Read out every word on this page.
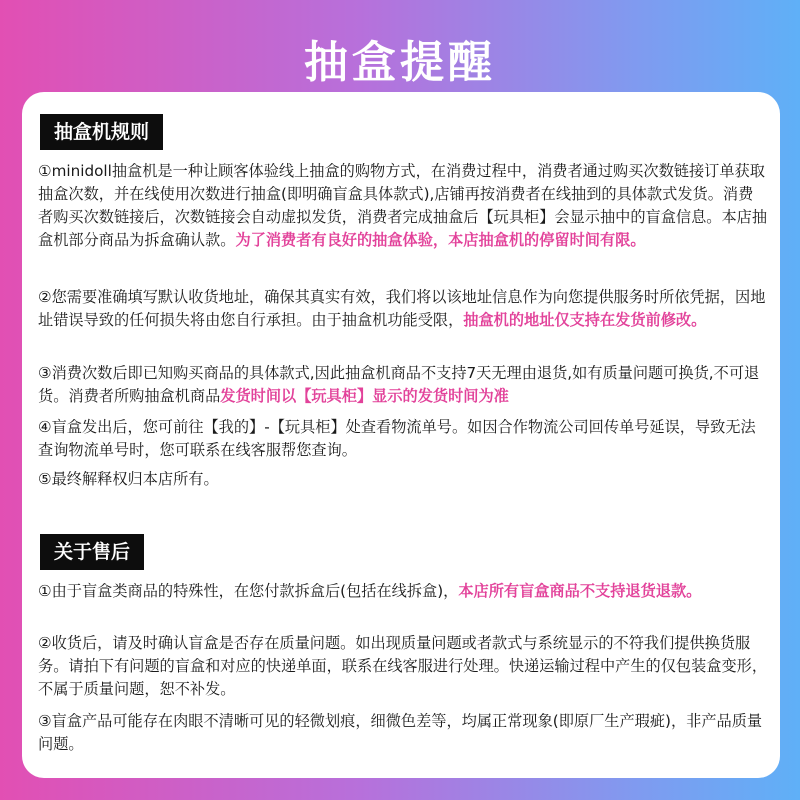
抽盒提醒
抽盒机规则
①minidoll抽盒机是一种让顾客体验线上抽盒的购物方式，在消费过程中，消费者通过购买次数链接订单获取抽盒次数，并在线使用次数进行抽盒(即明确盲盒具体款式),店铺再按消费者在线抽到的具体款式发货。消费者购买次数链接后，次数链接会自动虚拟发货，消费者完成抽盒后【玩具柜】会显示抽中的盲盒信息。本店抽盒机部分商品为拆盒确认款。为了消费者有良好的抽盒体验，本店抽盒机的停留时间有限。
②您需要准确填写默认收货地址，确保其真实有效，我们将以该地址信息作为向您提供服务时所依凭据，因地址错误导致的任何损失将由您自行承担。由于抽盒机功能受限，抽盒机的地址仅支持在发货前修改。
③消费次数后即已知购买商品的具体款式,因此抽盒机商品不支持7天无理由退货,如有质量问题可换货,不可退货。消费者所购抽盒机商品发货时间以【玩具柜】显示的发货时间为准
④盲盒发出后，您可前往【我的】-【玩具柜】处查看物流单号。如因合作物流公司回传单号延误，导致无法查询物流单号时，您可联系在线客服帮您查询。
⑤最终解释权归本店所有。
关于售后
①由于盲盒类商品的特殊性，在您付款拆盒后(包括在线拆盒)，本店所有盲盒商品不支持退货退款。
②收货后，请及时确认盲盒是否存在质量问题。如出现质量问题或者款式与系统显示的不符我们提供换货服务。请拍下有问题的盲盒和对应的快递单面，联系在线客服进行处理。快递运输过程中产生的仅包装盒变形，不属于质量问题，恕不补发。
③盲盒产品可能存在肉眼不清晰可见的轻微划痕，细微色差等，均属正常现象(即原厂生产瑕疵)，非产品质量问题。
